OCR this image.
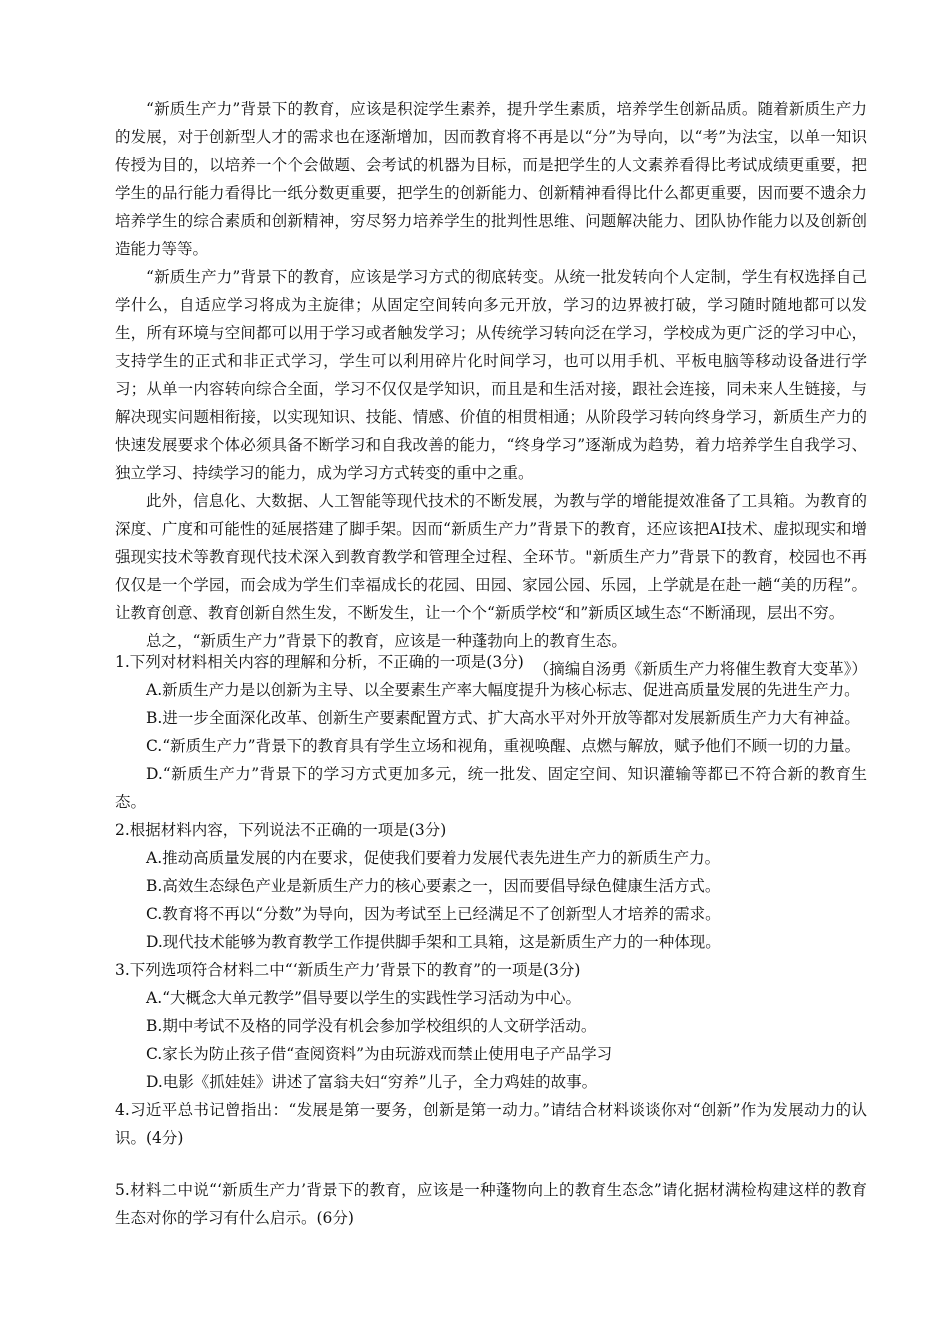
“新质生产力”背景下的教育，应该是积淀学生素养，提升学生素质，培养学生创新品质。随着新质生产力的发展，对于创新型人才的需求也在逐渐增加，因而教育将不再是以“分”为导向，以“考”为法宝，以单一知识传授为目的，以培养一个个会做题、会考试的机器为目标，而是把学生的人文素养看得比考试成绩更重要，把学生的品行能力看得比一纸分数更重要，把学生的创新能力、创新精神看得比什么都更重要，因而要不遗余力培养学生的综合素质和创新精神，穷尽努力培养学生的批判性思维、问题解决能力、团队协作能力以及创新创造能力等等。

“新质生产力”背景下的教育，应该是学习方式的彻底转变。从统一批发转向个人定制，学生有权选择自己学什么，自适应学习将成为主旋律；从固定空间转向多元开放，学习的边界被打破，学习随时随地都可以发生，所有环境与空间都可以用于学习或者触发学习；从传统学习转向泛在学习，学校成为更广泛的学习中心，支持学生的正式和非正式学习，学生可以利用碎片化时间学习，也可以用手机、平板电脑等移动设备进行学习；从单一内容转向综合全面，学习不仅仅是学知识，而且是和生活对接，跟社会连接，同未来人生链接，与解决现实问题相衔接，以实现知识、技能、情感、价值的相贯相通；从阶段学习转向终身学习，新质生产力的快速发展要求个体必须具备不断学习和自我改善的能力，“终身学习”逐渐成为趋势，着力培养学生自我学习、独立学习、持续学习的能力，成为学习方式转变的重中之重。

此外，信息化、大数据、人工智能等现代技术的不断发展，为教与学的增能提效准备了工具箱。为教育的深度、广度和可能性的延展搭建了脚手架。因而“新质生产力”背景下的教育，还应该把AI技术、虚拟现实和增强现实技术等教育现代技术深入到教育教学和管理全过程、全环节。"新质生产力”背景下的教育，校园也不再仅仅是一个学园，而会成为学生们幸福成长的花园、田园、家园公园、乐园，上学就是在赴一趟“美的历程”。让教育创意、教育创新自然生发，不断发生，让一个个“新质学校“和”新质区域生态“不断涌现，层出不穷。

总之，“新质生产力”背景下的教育，应该是一种蓬勃向上的教育生态。

（摘编自汤勇《新质生产力将催生教育大变革》）

1.下列对材料相关内容的理解和分析，不正确的一项是(3分)

A.新质生产力是以创新为主导、以全要素生产率大幅度提升为核心标志、促进高质量发展的先进生产力。

B.进一步全面深化改革、创新生产要素配置方式、扩大高水平对外开放等都对发展新质生产力大有神益。

C.“新质生产力”背景下的教育具有学生立场和视角，重视唤醒、点燃与解放，赋予他们不顾一切的力量。

D.“新质生产力”背景下的学习方式更加多元，统一批发、固定空间、知识灌输等都已不符合新的教育生态。

2.根据材料内容，下列说法不正确的一项是(3分)

A.推动高质量发展的内在要求，促使我们要着力发展代表先进生产力的新质生产力。

B.高效生态绿色产业是新质生产力的核心要素之一，因而要倡导绿色健康生活方式。

C.教育将不再以“分数”为导向，因为考试至上已经满足不了创新型人才培养的需求。

D.现代技术能够为教育教学工作提供脚手架和工具箱，这是新质生产力的一种体现。

3.下列选项符合材料二中“‘新质生产力’背景下的教育”的一项是(3分)

A.“大概念大单元教学”倡导要以学生的实践性学习活动为中心。

B.期中考试不及格的同学没有机会参加学校组织的人文研学活动。

C.家长为防止孩子借“查阅资料”为由玩游戏而禁止使用电子产品学习

D.电影《抓娃娃》讲述了富翁夫妇“穷养”儿子，全力鸡娃的故事。

4.习近平总书记曾指出：“发展是第一要务，创新是第一动力。”请结合材料谈谈你对“创新”作为发展动力的认识。(4分)

5.材料二中说“‘新质生产力’背景下的教育，应该是一种蓬物向上的教育生态念”请化据材满检构建这样的教育生态对你的学习有什么启示。(6分)
